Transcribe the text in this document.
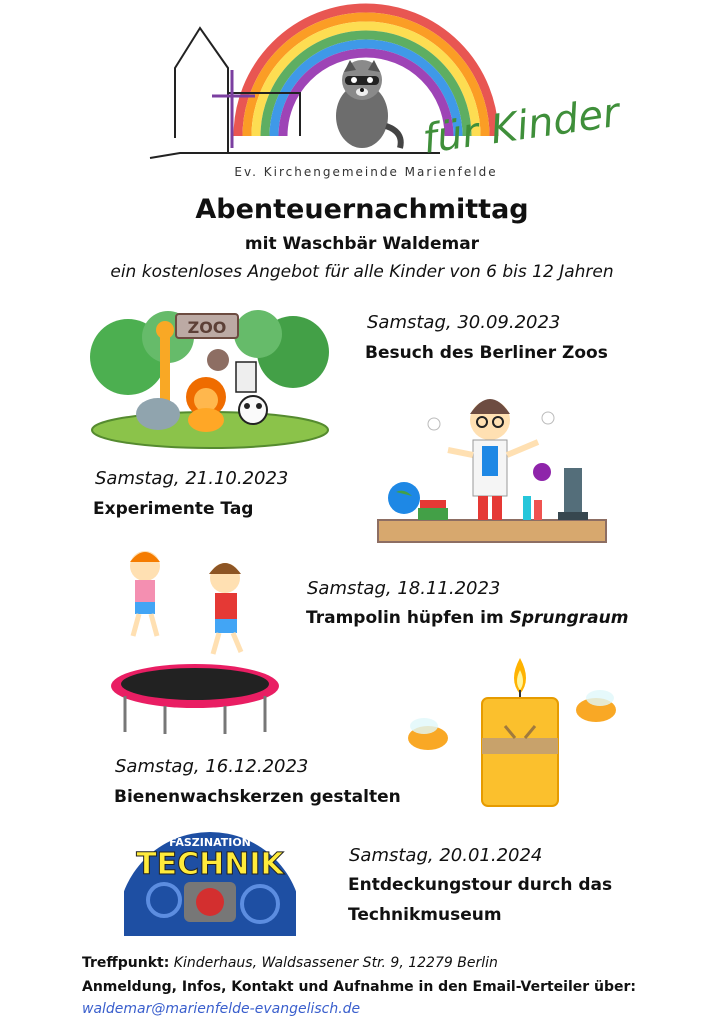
Ev. Kirchengemeinde Marienfelde
für Kinder
Abenteuernachmittag
mit Waschbär Waldemar
ein kostenloses Angebot für alle Kinder von 6 bis 12 Jahren
ZOO	Samstag, 30.09.2023
Besuch des Berliner Zoos
Samstag, 21.10.2023
Experimente Tag
Samstag, 18.11.2023
Trampolin hüpfen im Sprungraum
Samstag, 16.12.2023
Bienenwachskerzen gestalten
FASZINATION
TECHNIK	Samstag, 20.01.2024
Entdeckungstour durch das
Technikmuseum
Treffpunkt: Kinderhaus, Waldsassener Str. 9, 12279 Berlin
Anmeldung, Infos, Kontakt und Aufnahme in den Email-Verteiler über:
waldemar@marienfelde-evangelisch.de
